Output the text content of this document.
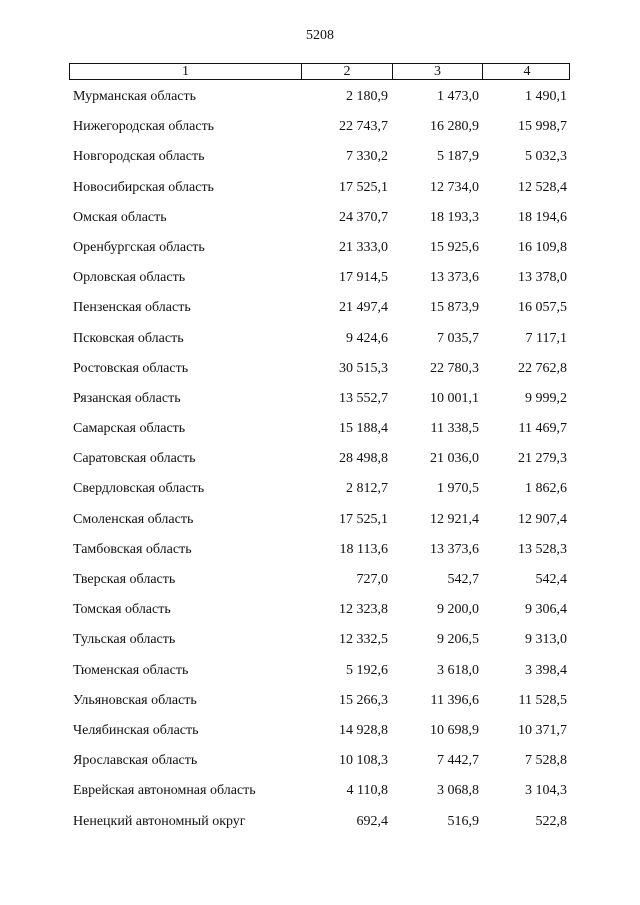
5208
1	2	3	4
Мурманская область	2 180,9	1 473,0	1 490,1
Нижегородская область	22 743,7	16 280,9	15 998,7
Новгородская область	7 330,2	5 187,9	5 032,3
Новосибирская область	17 525,1	12 734,0	12 528,4
Омская область	24 370,7	18 193,3	18 194,6
Оренбургская область	21 333,0	15 925,6	16 109,8
Орловская область	17 914,5	13 373,6	13 378,0
Пензенская область	21 497,4	15 873,9	16 057,5
Псковская область	9 424,6	7 035,7	7 117,1
Ростовская область	30 515,3	22 780,3	22 762,8
Рязанская область	13 552,7	10 001,1	9 999,2
Самарская область	15 188,4	11 338,5	11 469,7
Саратовская область	28 498,8	21 036,0	21 279,3
Свердловская область	2 812,7	1 970,5	1 862,6
Смоленская область	17 525,1	12 921,4	12 907,4
Тамбовская область	18 113,6	13 373,6	13 528,3
Тверская область	727,0	542,7	542,4
Томская область	12 323,8	9 200,0	9 306,4
Тульская область	12 332,5	9 206,5	9 313,0
Тюменская область	5 192,6	3 618,0	3 398,4
Ульяновская область	15 266,3	11 396,6	11 528,5
Челябинская область	14 928,8	10 698,9	10 371,7
Ярославская область	10 108,3	7 442,7	7 528,8
Еврейская автономная область	4 110,8	3 068,8	3 104,3
Ненецкий автономный округ	692,4	516,9	522,8
